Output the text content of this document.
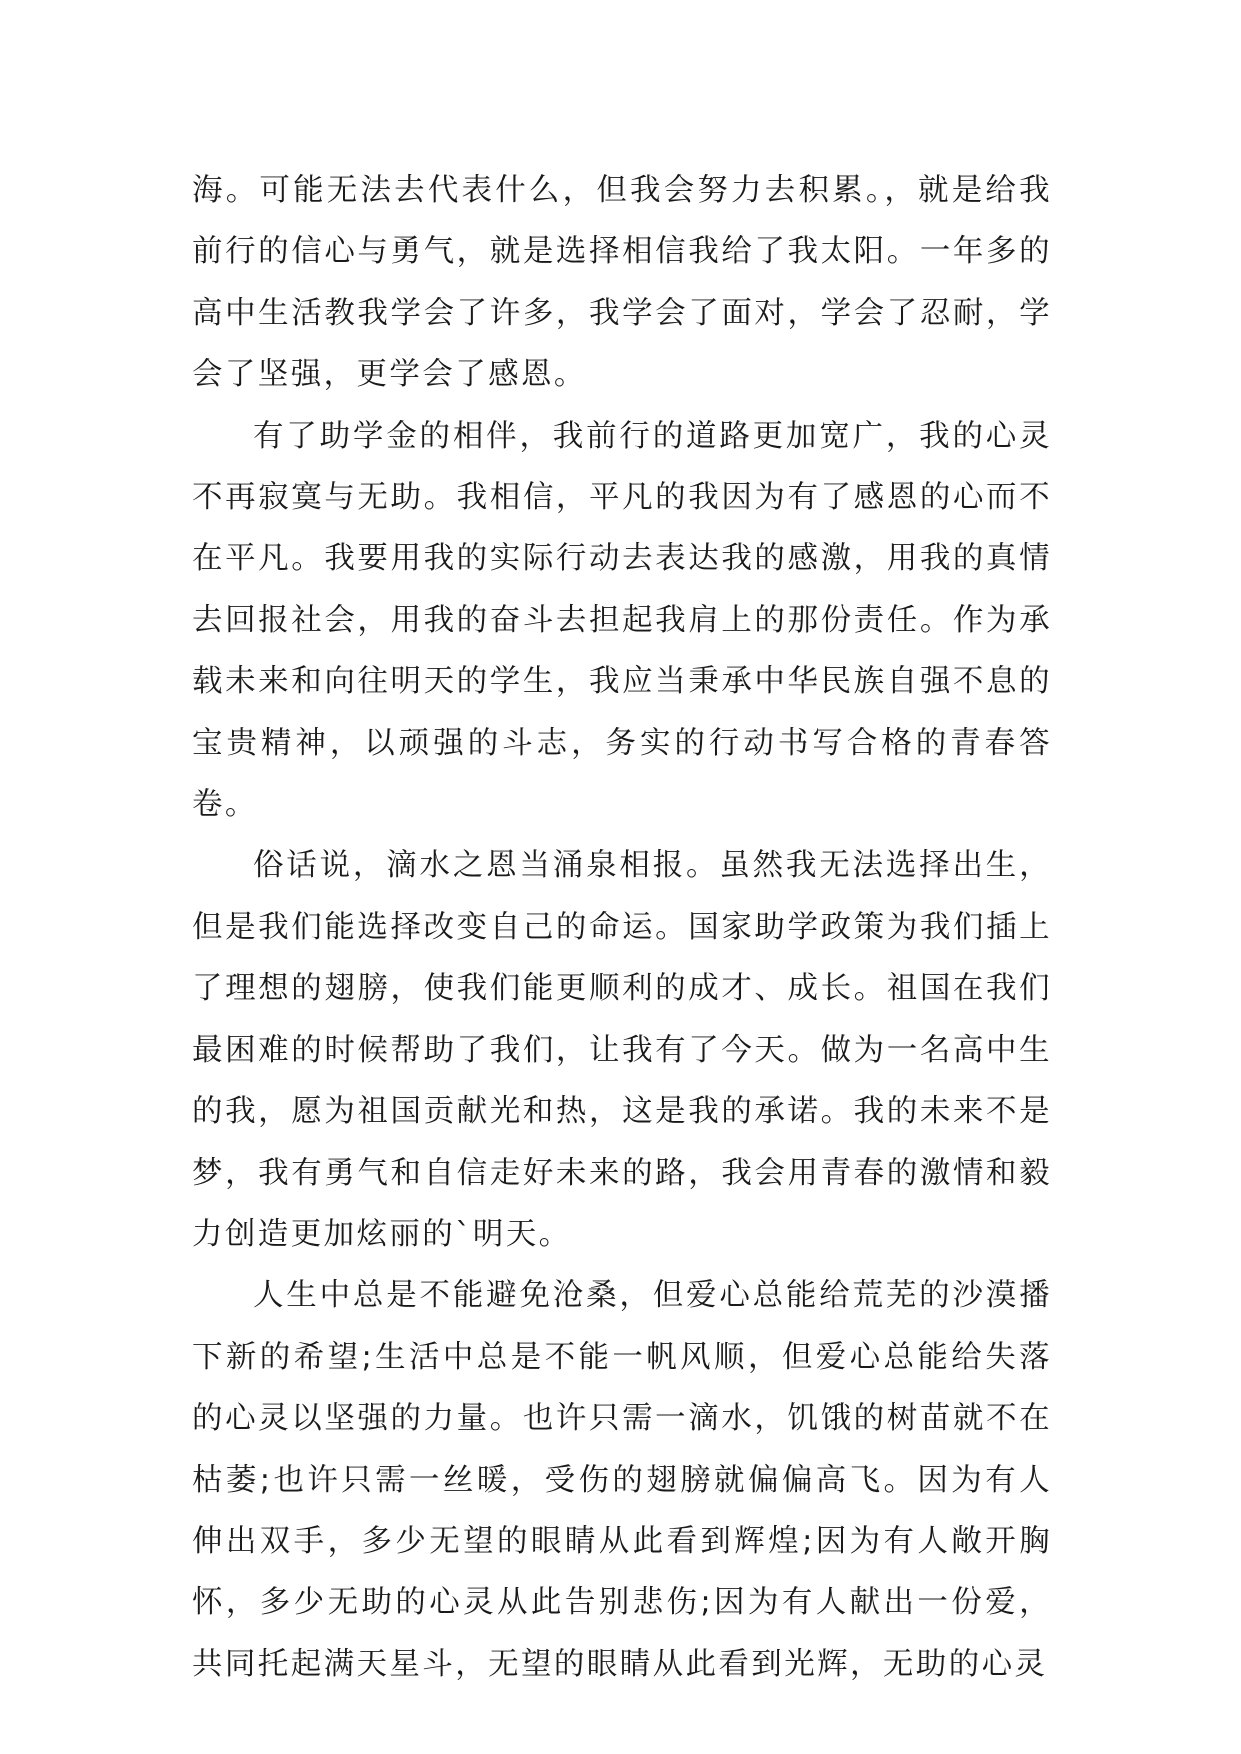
海。可能无法去代表什么，但我会努力去积累。，就是给我前行的信心与勇气，就是选择相信我给了我太阳。一年多的高中生活教我学会了许多，我学会了面对，学会了忍耐，学会了坚强，更学会了感恩。

有了助学金的相伴，我前行的道路更加宽广，我的心灵不再寂寞与无助。我相信，平凡的我因为有了感恩的心而不在平凡。我要用我的实际行动去表达我的感激，用我的真情去回报社会，用我的奋斗去担起我肩上的那份责任。作为承载未来和向往明天的学生，我应当秉承中华民族自强不息的宝贵精神，以顽强的斗志，务实的行动书写合格的青春答卷。

俗话说，滴水之恩当涌泉相报。虽然我无法选择出生，但是我们能选择改变自己的命运。国家助学政策为我们插上了理想的翅膀，使我们能更顺利的成才、成长。祖国在我们最困难的时候帮助了我们，让我有了今天。做为一名高中生的我，愿为祖国贡献光和热，这是我的承诺。我的未来不是梦，我有勇气和自信走好未来的路，我会用青春的激情和毅力创造更加炫丽的`明天。

人生中总是不能避免沧桑，但爱心总能给荒芜的沙漠播下新的希望;生活中总是不能一帆风顺，但爱心总能给失落的心灵以坚强的力量。也许只需一滴水，饥饿的树苗就不在枯萎;也许只需一丝暖，受伤的翅膀就偏偏高飞。因为有人伸出双手，多少无望的眼睛从此看到辉煌;因为有人敞开胸怀，多少无助的心灵从此告别悲伤;因为有人献出一份爱，共同托起满天星斗，无望的眼睛从此看到光辉，无助的心灵
